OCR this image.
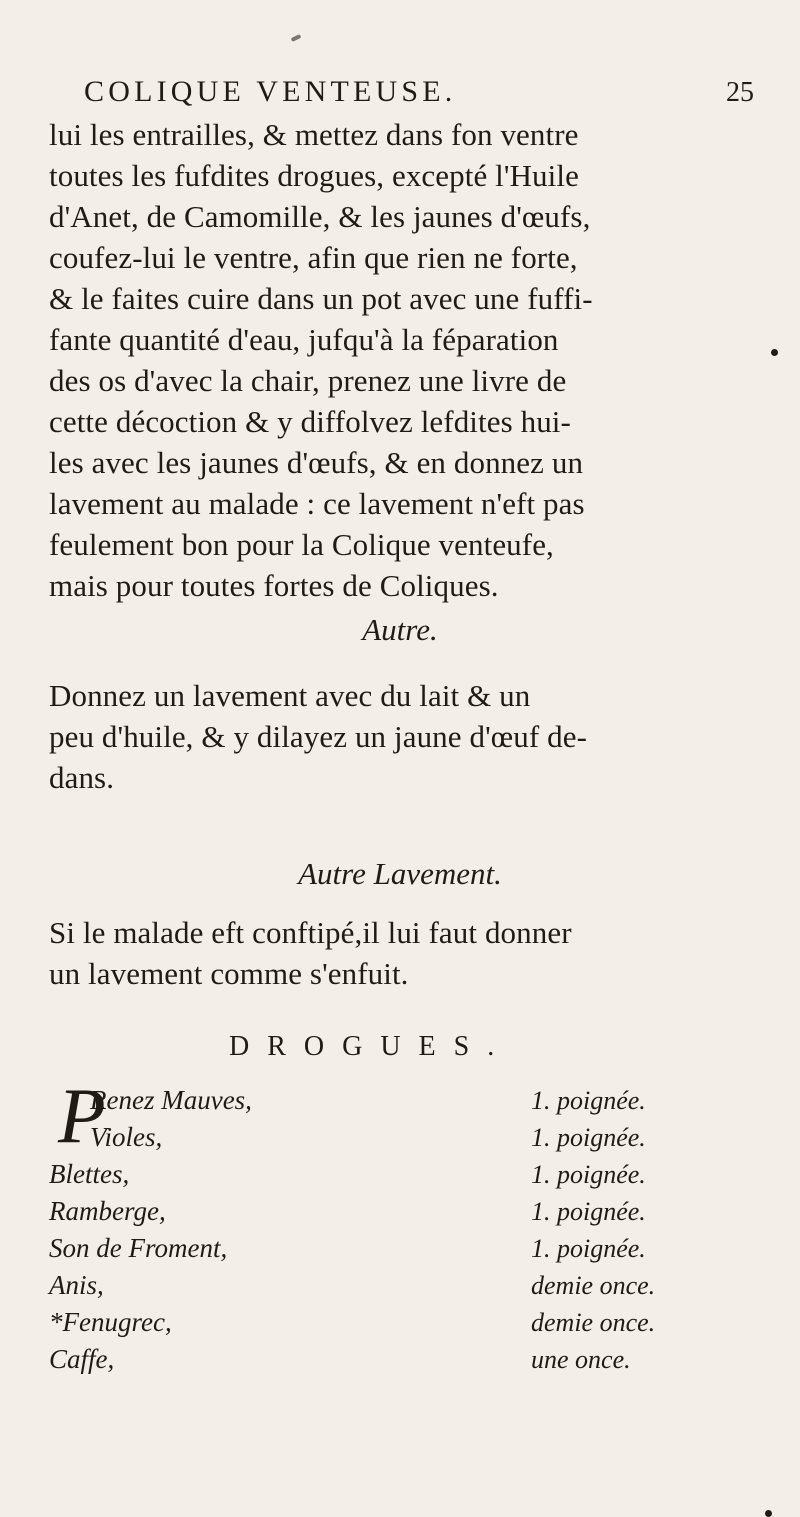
COLIQUE VENTEUSE.	25
lui les entrailles, & mettez dans fon ventre
toutes les fufdites drogues, excepté l'Huile
d'Anet, de Camomille, & les jaunes d'œufs,
coufez-lui le ventre, afin que rien ne forte,
& le faites cuire dans un pot avec une fuffi-
fante quantité d'eau, jufqu'à la féparation
des os d'avec la chair, prenez une livre de
cette décoction & y diffolvez lefdites hui-
les avec les jaunes d'œufs, & en donnez un
lavement au malade : ce lavement n'eft pas
feulement bon pour la Colique venteufe,
mais pour toutes fortes de Coliques.
Autre.
Donnez un lavement avec du lait & un
peu d'huile, & y dilayez un jaune d'œuf de-
dans.
Autre Lavement.
Si le malade eft conftipé,il lui faut donner
un lavement comme s'enfuit.
DROGUES.
P
Renez Mauves,	1. poignée.
Violes,	1. poignée.
Blettes,	1. poignée.
Ramberge,	1. poignée.
Son de Froment,	1. poignée.
Anis,	demie once.
*Fenugrec,	demie once.
Caffe,	une once.
